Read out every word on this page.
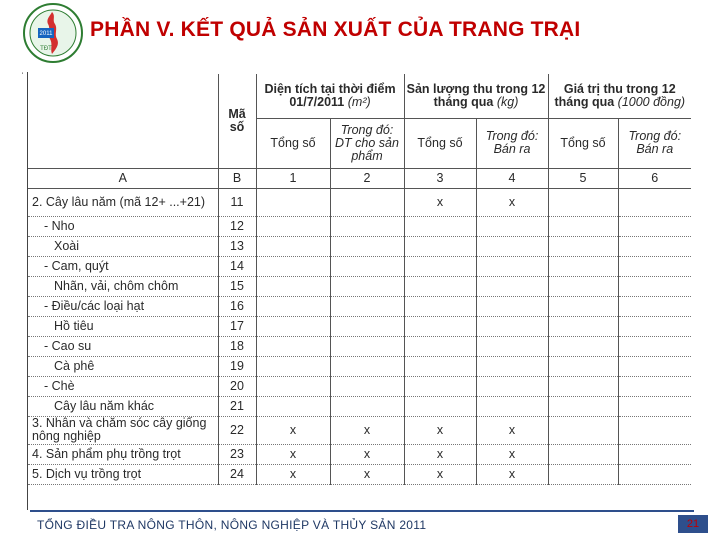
2011
TĐT
PHẦN V. KẾT QUẢ SẢN XUẤT CỦA TRANG TRẠI
ˌ
	Mã số	Diện tích tại thời điểm 01/7/2011 (m²)		Sản lượng thu trong 12 tháng qua (kg)		Giá trị thu trong 12 tháng qua (1000 đồng)	
		Tổng số	Trong đó: DT cho sản phẩm	Tổng số	Trong đó: Bán ra	Tổng số	Trong đó: Bán ra
A	B	1	2	3	4	5	6
2. Cây lâu năm (mã 12+ ...+21)	11			x	x		
- Nho	12						
Xoài	13						
- Cam, quýt	14						
Nhãn, vải, chôm chôm	15						
- Điều/các loại hạt	16						
Hồ tiêu	17						
- Cao su	18						
Cà phê	19						
- Chè	20						
Cây lâu năm khác	21						
3. Nhân và chăm sóc cây giống nông nghiệp	22	x	x	x	x		
4. Sản phẩm phụ trồng trọt	23	x	x	x	x		
5. Dịch vụ trồng trọt	24	x	x	x	x		
TỔNG ĐIỀU TRA NÔNG THÔN, NÔNG NGHIỆP VÀ THỦY SẢN 2011	21
